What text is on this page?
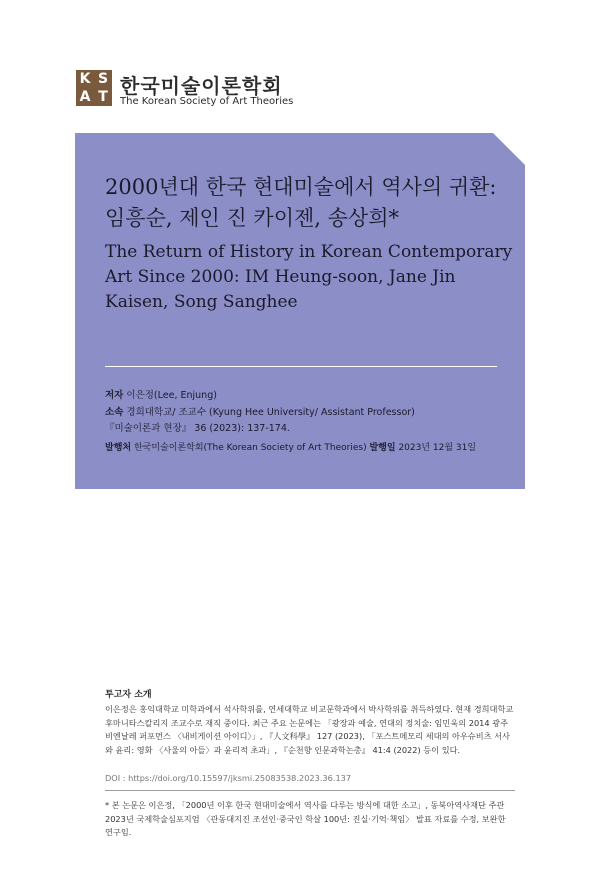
K S
A T 한국미술이론학회
The Korean Society of Art Theories
2000년대 한국 현대미술에서 역사의 귀환: 임흥순, 제인 진 카이젠, 송상희*
The Return of History in Korean Contemporary Art Since 2000: IM Heung-soon, Jane Jin Kaisen, Song Sanghee
저자 이은정(Lee, Enjung)
소속 경희대학교/ 조교수 (Kyung Hee University/ Assistant Professor)
『미술이론과 현장』 36 (2023): 137-174.
발행처 한국미술이론학회(The Korean Society of Art Theories) 발행일 2023년 12월 31일
투고자 소개
이은정은 홍익대학교 미학과에서 석사학위를, 연세대학교 비교문학과에서 박사학위를 취득하였다. 현재 경희대학교 후마니타스칼리지 조교수로 재직 중이다. 최근 주요 논문에는 「광장과 예술, 연대의 정치술: 임민욱의 2014 광주 비엔날레 퍼포먼스 〈내비게이션 아이디〉」, 『人文科學』 127 (2023), 「포스트메모리 세대의 아우슈비츠 서사와 윤리: 영화 〈사울의 아들〉과 윤리적 초과」, 『순천향 인문과학논총』 41:4 (2022) 등이 있다.
DOI : https://doi.org/10.15597/jksmi.25083538.2023.36.137
* 본 논문은 이은정, 「2000년 이후 한국 현대미술에서 역사를 다루는 방식에 대한 소고」, 동북아역사재단 주관 2023년 국제학술심포지엄 〈관동대지진 조선인·중국인 학살 100년: 진실·기억·책임〉 발표 자료를 수정, 보완한 연구임.
